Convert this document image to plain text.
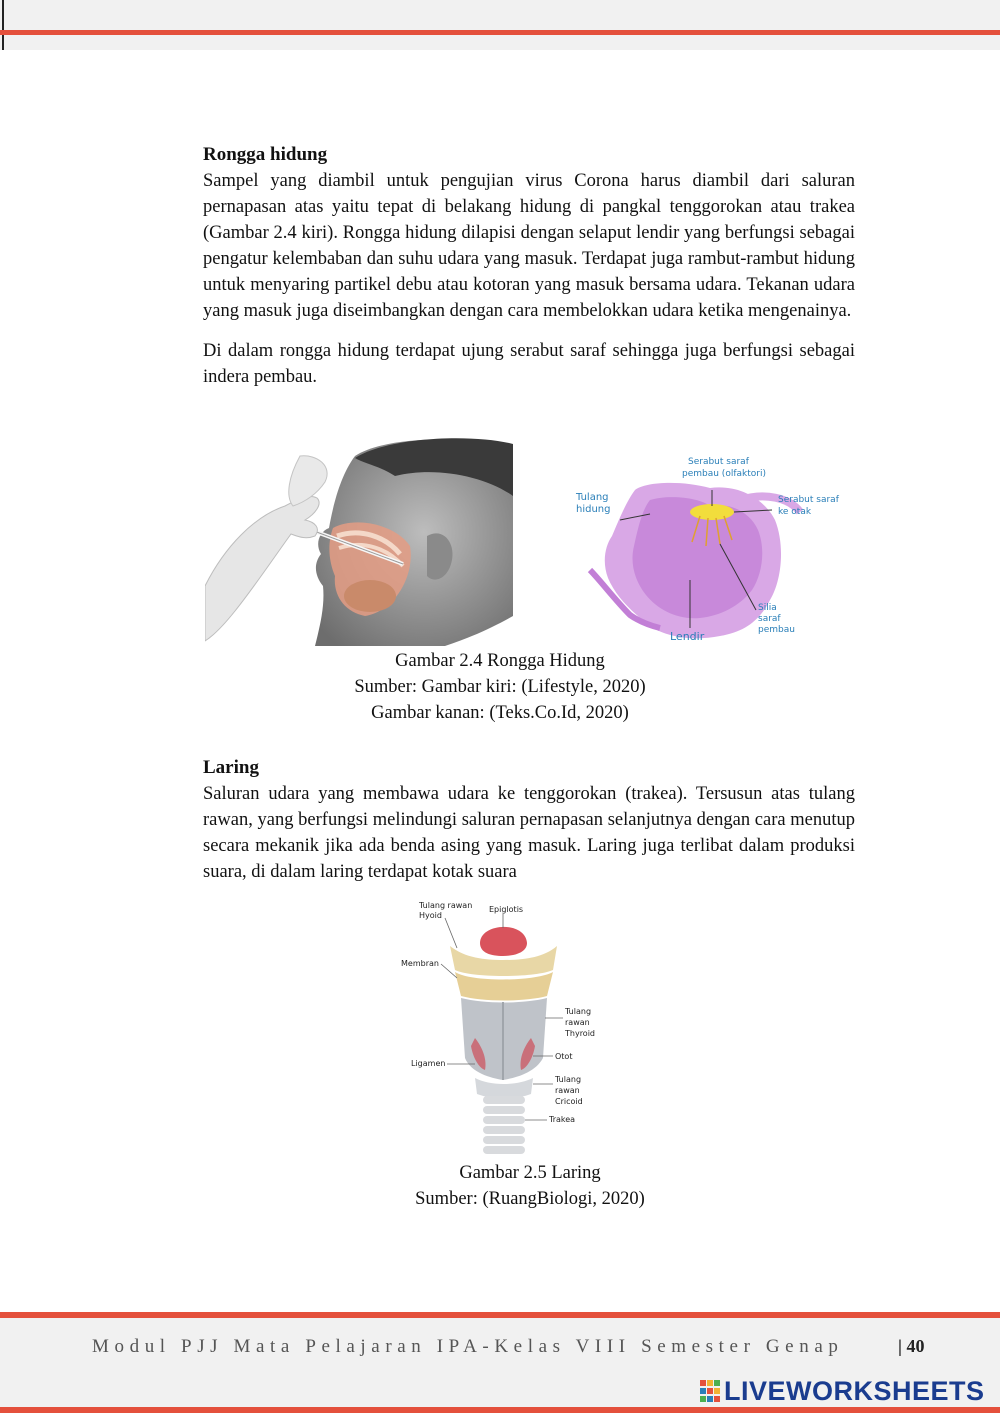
Rongga hidung

Sampel yang diambil untuk pengujian virus Corona harus diambil dari saluran pernapasan atas yaitu tepat di belakang hidung di pangkal tenggorokan atau trakea (Gambar 2.4 kiri). Rongga hidung dilapisi dengan selaput lendir yang berfungsi sebagai pengatur kelembaban dan suhu udara yang masuk. Terdapat juga rambut-rambut hidung untuk menyaring partikel debu atau kotoran yang masuk bersama udara. Tekanan udara yang masuk juga diseimbangkan dengan cara membelokkan udara ketika mengenainya.

Di dalam rongga hidung terdapat ujung serabut saraf sehingga juga berfungsi sebagai indera pembau.

Serabut saraf
pembau (olfaktori)
Tulang
hidung
Serabut saraf
ke otak
Silia
saraf
pembau
Lendir
Gambar 2.4 Rongga Hidung
Sumber: Gambar kiri: (Lifestyle, 2020)
Gambar kanan: (Teks.Co.Id, 2020)
Laring

Saluran udara yang membawa udara ke tenggorokan (trakea). Tersusun atas tulang rawan, yang berfungsi melindungi saluran pernapasan selanjutnya dengan cara menutup secara mekanik jika ada benda asing yang masuk. Laring juga terlibat dalam produksi suara, di dalam laring terdapat kotak suara

Tulang rawan
Hyoid
Epiglotis
Membran
Tulang
rawan
Thyroid
Otot
Ligamen
Tulang
rawan
Cricoid
Trakea
Gambar 2.5 Laring
Sumber: (RuangBiologi, 2020)
Modul PJJ Mata Pelajaran IPA-Kelas VIII Semester Genap	| 40
LIVEWORKSHEETS
